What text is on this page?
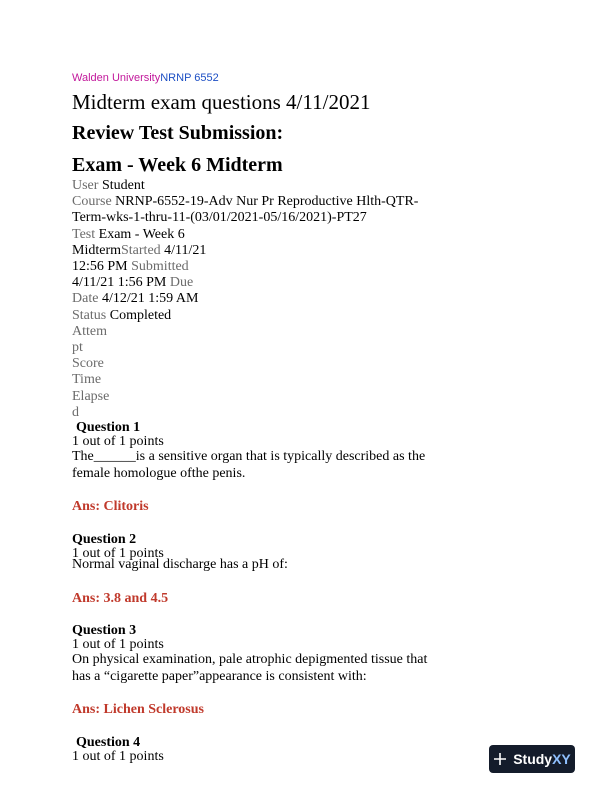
Walden UniversityNRNP 6552
Midterm exam questions 4/11/2021
Review Test Submission:
Exam - Week 6 Midterm
User Student
Course NRNP-6552-19-Adv Nur Pr Reproductive Hlth-QTR-
Term-wks-1-thru-11-(03/01/2021-05/16/2021)-PT27
Test Exam - Week 6
MidtermStarted 4/11/21
12:56 PM Submitted
4/11/21 1:56 PM Due
Date 4/12/21 1:59 AM
Status Completed
Attem
pt
Score
Time
Elapse
d
Question 1
1 out of 1 points
The______is a sensitive organ that is typically described as the
female homologue ofthe penis.
Ans: Clitoris
Question 2
1 out of 1 points
Normal vaginal discharge has a pH of:
Ans: 3.8 and 4.5
Question 3
1 out of 1 points
On physical examination, pale atrophic depigmented tissue that
has a “cigarette paper”appearance is consistent with:
Ans: Lichen Sclerosus
Question 4
1 out of 1 points	StudyXY
